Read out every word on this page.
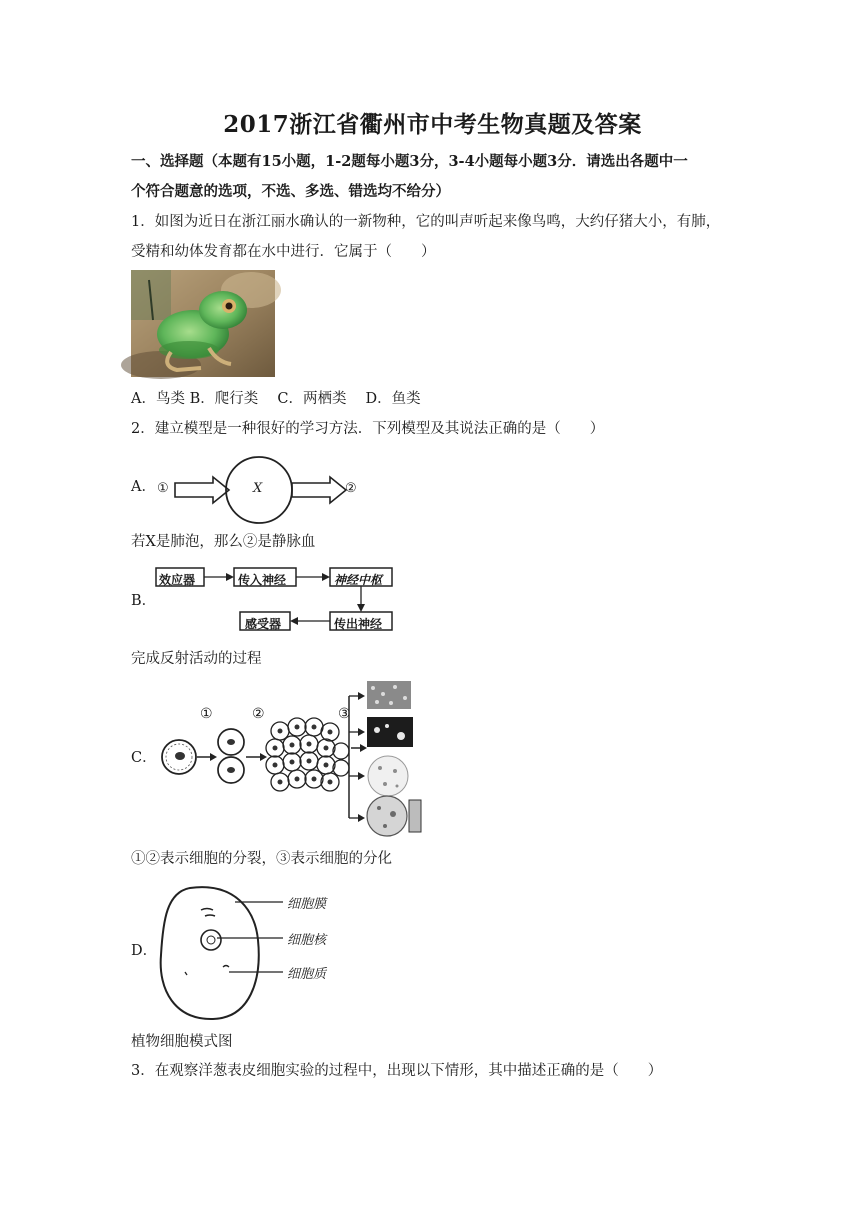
2017浙江省衢州市中考生物真题及答案
一、选择题（本题有15小题，1-2题每小题3分，3-4小题每小题3分．请选出各题中一
个符合题意的选项，不选、多选、错选均不给分）
1．如图为近日在浙江丽水确认的一新物种，它的叫声听起来像鸟鸣，大约仔猪大小，有肺，
受精和幼体发育都在水中进行．它属于（　　）
A．鸟类 B．爬行类　 C．两栖类　 D．鱼类
2．建立模型是一种很好的学习方法．下列模型及其说法正确的是（　　）
A． ①	X	②
若X是肺泡，那么②是静脉血
B．
效应器	传入神经	神经中枢
传出神经
感受器
完成反射活动的过程
C．
①	②	③
①②表示细胞的分裂，③表示细胞的分化
D．
细胞膜
细胞核
细胞质
植物细胞模式图
3．在观察洋葱表皮细胞实验的过程中，出现以下情形，其中描述正确的是（　　）
